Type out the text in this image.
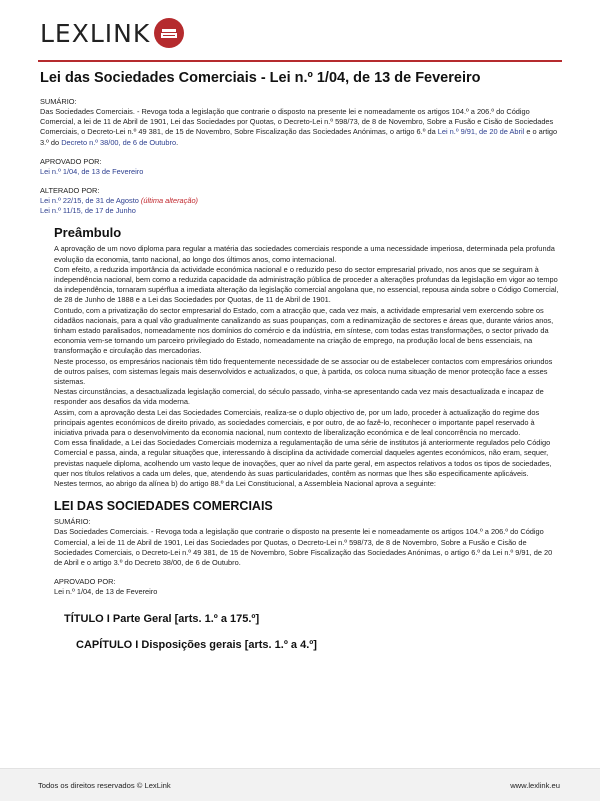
LEXLINK
Lei das Sociedades Comerciais - Lei n.º 1/04, de 13 de Fevereiro
SUMÁRIO:
Das Sociedades Comerciais. - Revoga toda a legislação que contrarie o disposto na presente lei e nomeadamente os artigos 104.º a 206.º do Código Comercial, a lei de 11 de Abril de 1901, Lei das Sociedades por Quotas, o Decreto-Lei n.º 598/73, de 8 de Novembro, Sobre a Fusão e Cisão de Sociedades Comerciais, o Decreto-Lei n.º 49 381, de 15 de Novembro, Sobre Fiscalização das Sociedades Anónimas, o artigo 6.º da Lei n.º 9/91, de 20 de Abril e o artigo 3.º do Decreto n.º 38/00, de 6 de Outubro.
APROVADO POR:
Lei n.º 1/04, de 13 de Fevereiro
ALTERADO POR:
Lei n.º 22/15, de 31 de Agosto (última alteração)
Lei n.º 11/15, de 17 de Junho
Preâmbulo
A aprovação de um novo diploma para regular a matéria das sociedades comerciais responde a uma necessidade imperiosa, determinada pela profunda evolução da economia, tanto nacional, ao longo dos últimos anos, como internacional.
Com efeito, a reduzida importância da actividade económica nacional e o reduzido peso do sector empresarial privado, nos anos que se seguiram à independência nacional, bem como a reduzida capacidade da administração pública de proceder a alterações profundas da legislação em vigor ao tempo da independência, tornaram supérflua a imediata alteração da legislação comercial angolana que, no essencial, repousa ainda sobre o Código Comercial, de 28 de Junho de 1888 e a Lei das Sociedades por Quotas, de 11 de Abril de 1901.
Contudo, com a privatização do sector empresarial do Estado, com a atracção que, cada vez mais, a actividade empresarial vem exercendo sobre os cidadãos nacionais, para a qual vão gradualmente canalizando as suas poupanças, com a redinamização de sectores e áreas que, durante vários anos, tinham estado paralisados, nomeadamente nos domínios do comércio e da indústria, em síntese, com todas estas transformações, o sector privado da economia vem-se tornando um parceiro privilegiado do Estado, nomeadamente na criação de emprego, na produção local de bens essenciais, na transformação e circulação das mercadorias.
Neste processo, os empresários nacionais têm tido frequentemente necessidade de se associar ou de estabelecer contactos com empresários oriundos de outros países, com sistemas legais mais desenvolvidos e actualizados, o que, à partida, os coloca numa situação de menor protecção face a esses sistemas.
Nestas circunstâncias, a desactualizada legislação comercial, do século passado, vinha-se apresentando cada vez mais desactualizada e incapaz de responder aos desafios da vida moderna.
Assim, com a aprovação desta Lei das Sociedades Comerciais, realiza-se o duplo objectivo de, por um lado, proceder à actualização do regime dos principais agentes económicos de direito privado, as sociedades comerciais, e por outro, de ao fazê-lo, reconhecer o importante papel reservado à iniciativa privada para o desenvolvimento da economia nacional, num contexto de liberalização económica e de leal concorrência no mercado.
Com essa finalidade, a Lei das Sociedades Comerciais moderniza a regulamentação de uma série de institutos já anteriormente regulados pelo Código Comercial e passa, ainda, a regular situações que, interessando à disciplina da actividade comercial daqueles agentes económicos, não eram, sequer, previstas naquele diploma, acolhendo um vasto leque de inovações, quer ao nível da parte geral, em aspectos relativos a todos os tipos de sociedades, quer nos títulos relativos a cada um deles, que, atendendo às suas particularidades, contêm as normas que lhes são especificamente aplicáveis.
Nestes termos, ao abrigo da alínea b) do artigo 88.º da Lei Constitucional, a Assembleia Nacional aprova a seguinte:
LEI DAS SOCIEDADES COMERCIAIS
SUMÁRIO:
Das Sociedades Comerciais. - Revoga toda a legislação que contrarie o disposto na presente lei e nomeadamente os artigos 104.º a 206.º do Código Comercial, a lei de 11 de Abril de 1901, Lei das Sociedades por Quotas, o Decreto-Lei n.º 598/73, de 8 de Novembro, Sobre a Fusão e Cisão de Sociedades Comerciais, o Decreto-Lei n.º 49 381, de 15 de Novembro, Sobre Fiscalização das Sociedades Anónimas, o artigo 6.º da Lei n.º 9/91, de 20 de Abril e o artigo 3.º do Decreto 38/00, de 6 de Outubro.
APROVADO POR:
Lei n.º 1/04, de 13 de Fevereiro
TÍTULO I Parte Geral [arts. 1.º a 175.º]
CAPÍTULO I Disposições gerais [arts. 1.º a 4.º]
Todos os direitos reservados © LexLink	www.lexlink.eu
